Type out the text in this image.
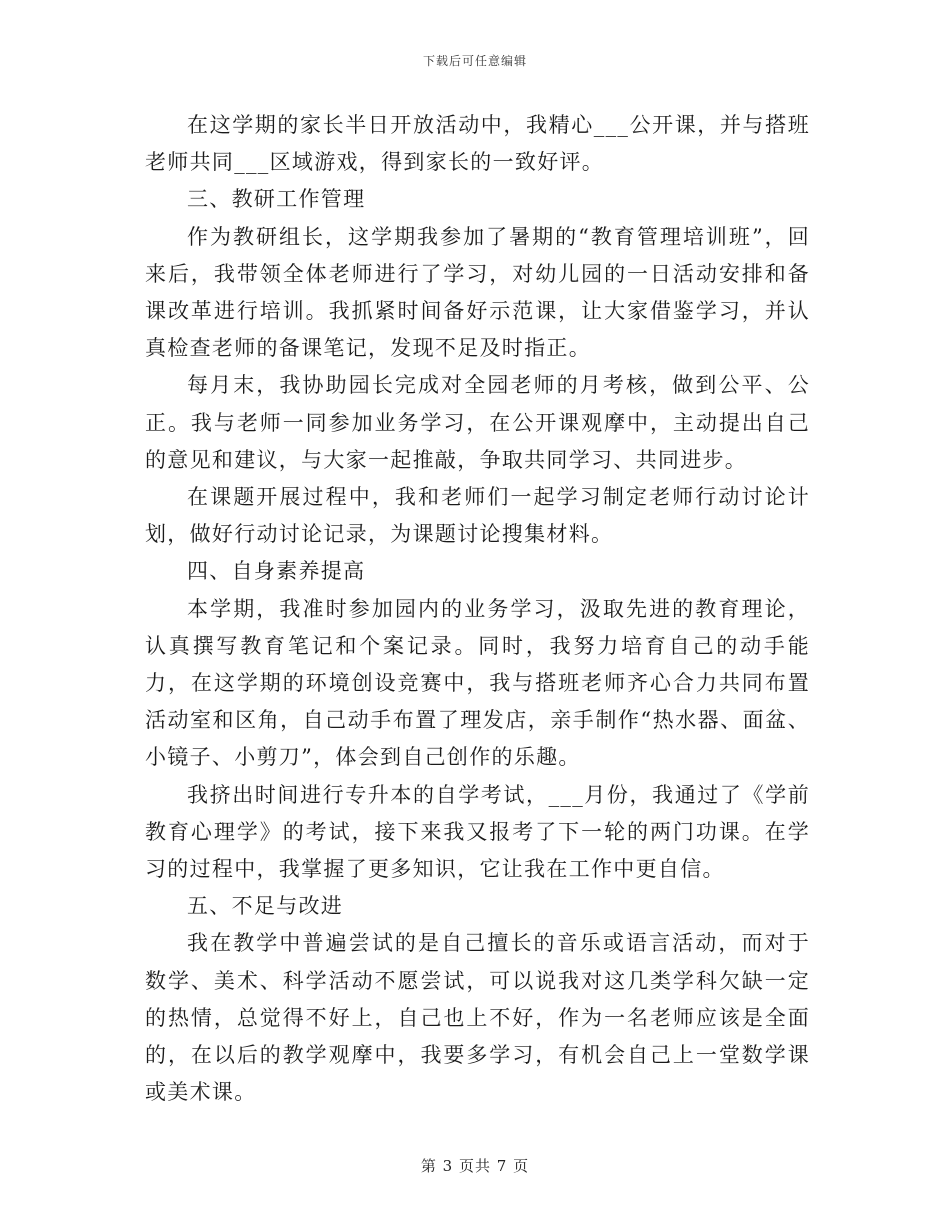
下载后可任意编辑

在这学期的家长半日开放活动中，我精心___公开课，并与搭班老师共同___区域游戏，得到家长的一致好评。

三、教研工作管理

作为教研组长，这学期我参加了暑期的“教育管理培训班”，回来后，我带领全体老师进行了学习，对幼儿园的一日活动安排和备课改革进行培训。我抓紧时间备好示范课，让大家借鉴学习，并认真检查老师的备课笔记，发现不足及时指正。

每月末，我协助园长完成对全园老师的月考核，做到公平、公正。我与老师一同参加业务学习，在公开课观摩中，主动提出自己的意见和建议，与大家一起推敲，争取共同学习、共同进步。

在课题开展过程中，我和老师们一起学习制定老师行动讨论计划，做好行动讨论记录，为课题讨论搜集材料。

四、自身素养提高

本学期，我准时参加园内的业务学习，汲取先进的教育理论，认真撰写教育笔记和个案记录。同时，我努力培育自己的动手能力，在这学期的环境创设竞赛中，我与搭班老师齐心合力共同布置活动室和区角，自己动手布置了理发店，亲手制作“热水器、面盆、小镜子、小剪刀”，体会到自己创作的乐趣。

我挤出时间进行专升本的自学考试，___月份，我通过了《学前教育心理学》的考试，接下来我又报考了下一轮的两门功课。在学习的过程中，我掌握了更多知识，它让我在工作中更自信。

五、不足与改进

我在教学中普遍尝试的是自己擅长的音乐或语言活动，而对于数学、美术、科学活动不愿尝试，可以说我对这几类学科欠缺一定的热情，总觉得不好上，自己也上不好，作为一名老师应该是全面的，在以后的教学观摩中，我要多学习，有机会自己上一堂数学课或美术课。

第 3 页共 7 页
